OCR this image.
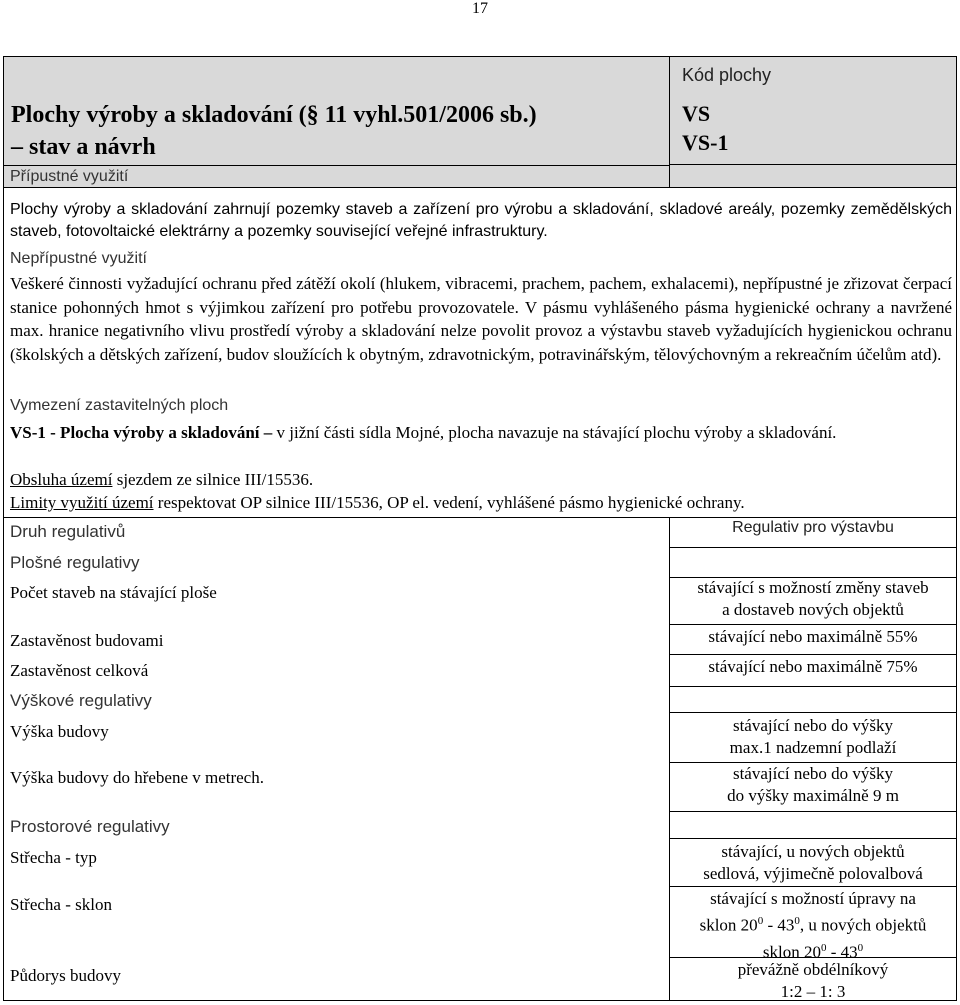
17
Plochy výroby a skladování (§ 11 vyhl.501/2006 sb.)
– stav a návrh
Kód plochy
VS
VS-1
Přípustné využití
Plochy výroby a skladování zahrnují pozemky staveb a zařízení pro výrobu a skladování, skladové areály, pozemky zemědělských staveb, fotovoltaické elektrárny a pozemky související veřejné infrastruktury.
Nepřípustné využití
Veškeré činnosti vyžadující ochranu před zátěží okolí (hlukem, vibracemi, prachem, pachem, exhalacemi), nepřípustné je zřizovat čerpací stanice pohonných hmot s výjimkou zařízení pro potřebu provozovatele. V pásmu vyhlášeného pásma hygienické ochrany a navržené max. hranice negativního vlivu prostředí výroby a skladování nelze povolit provoz a výstavbu staveb vyžadujících hygienickou ochranu (školských a dětských zařízení, budov sloužících k obytným, zdravotnickým, potravinářským, tělovýchovným a rekreačním účelům atd).
Vymezení zastavitelných ploch
VS-1 - Plocha výroby a skladování – v jižní části sídla Mojné, plocha navazuje na stávající plochu výroby a skladování.
Obsluha území sjezdem ze silnice III/15536.
Limity využití území respektovat OP silnice III/15536, OP el. vedení, vyhlášené pásmo hygienické ochrany.
Druh regulativů	Regulativ pro výstavbu
Plošné regulativy
Počet staveb na stávající ploše	stávající s možností změny staveb
a dostaveb nových objektů
Zastavěnost budovami	stávající nebo maximálně 55%
Zastavěnost celková	stávající nebo maximálně 75%
Výškové regulativy
Výška budovy	stávající nebo do výšky
max.1 nadzemní podlaží
Výška budovy do hřebene v metrech.	stávající nebo do výšky
do výšky maximálně 9 m
Prostorové regulativy
Střecha - typ	stávající, u nových objektů
sedlová, výjimečně polovalbová
Střecha - sklon	stávající s možností úpravy na
sklon $20^0 - 43^0$, u nových objektů
sklon $20^0 - 43^0$
Půdorys budovy	převážně obdélníkový
1:2 – 1: 3
